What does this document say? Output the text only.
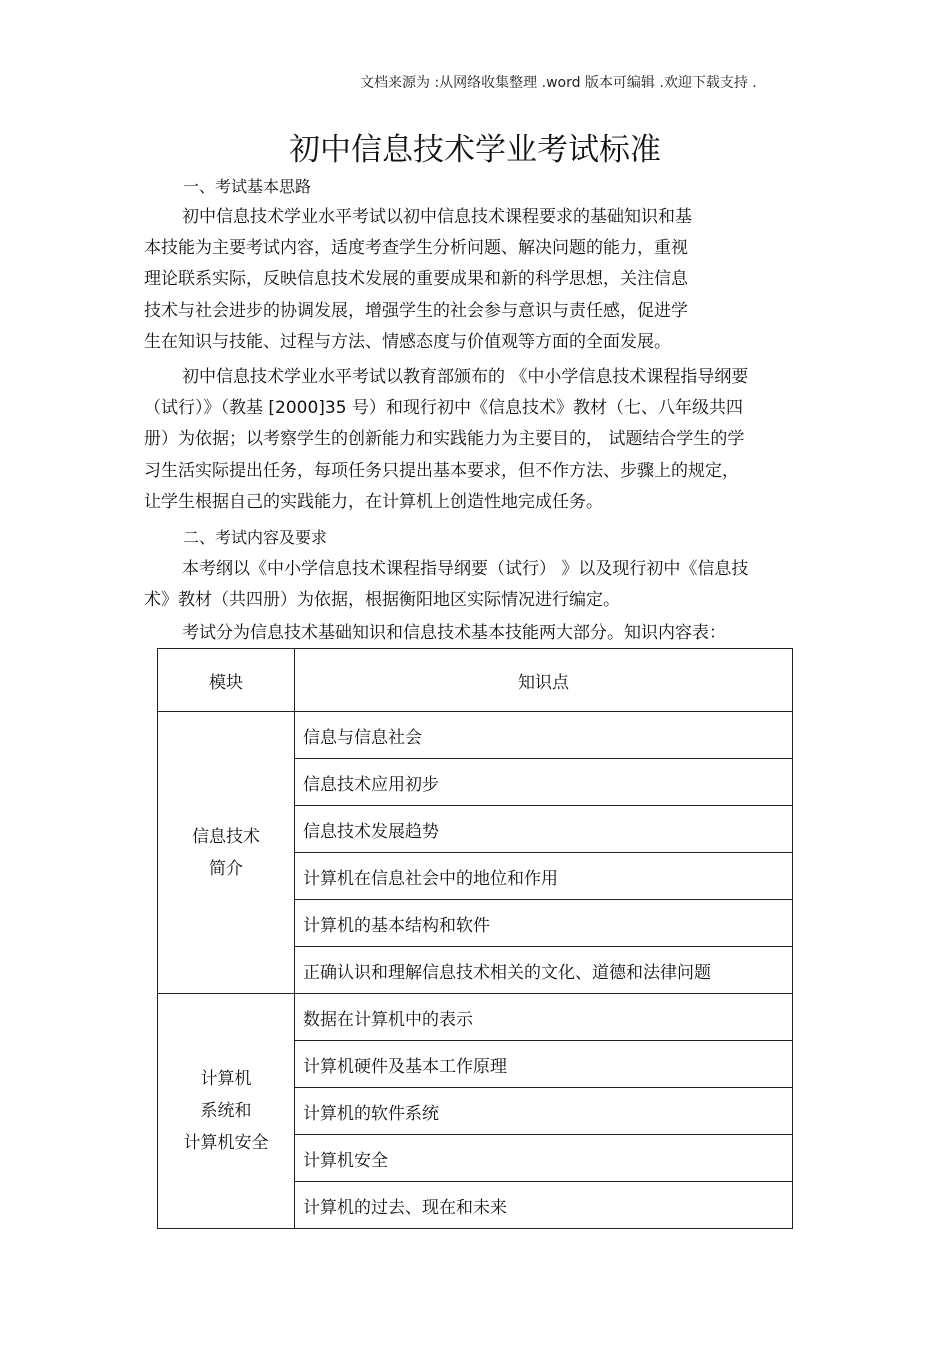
文档来源为 :从网络收集整理 .word 版本可编辑 .欢迎下载支持 .
初中信息技术学业考试标准
一、考试基本思路
初中信息技术学业水平考试以初中信息技术课程要求的基础知识和基
本技能为主要考试内容，适度考查学生分析问题、解决问题的能力，重视
理论联系实际，反映信息技术发展的重要成果和新的科学思想，关注信息
技术与社会进步的协调发展，增强学生的社会参与意识与责任感，促进学
生在知识与技能、过程与方法、情感态度与价值观等方面的全面发展。
初中信息技术学业水平考试以教育部颁布的 《中小学信息技术课程指导纲要
（试行）》（教基 [2000]35 号）和现行初中《信息技术》教材（七、八年级共四
册）为依据；以考察学生的创新能力和实践能力为主要目的， 试题结合学生的学
习生活实际提出任务，每项任务只提出基本要求，但不作方法、步骤上的规定，
让学生根据自己的实践能力，在计算机上创造性地完成任务。
二、考试内容及要求
本考纲以《中小学信息技术课程指导纲要（试行） 》以及现行初中《信息技
术》教材（共四册）为依据，根据衡阳地区实际情况进行编定。
考试分为信息技术基础知识和信息技术基本技能两大部分。知识内容表：
模块	知识点

信息技术
简介	信息与信息社会
	信息技术应用初步
	信息技术发展趋势
	计算机在信息社会中的地位和作用
	计算机的基本结构和软件
	正确认识和理解信息技术相关的文化、道德和法律问题

计算机
系统和
计算机安全	数据在计算机中的表示
	计算机硬件及基本工作原理
	计算机的软件系统
	计算机安全
	计算机的过去、现在和未来
